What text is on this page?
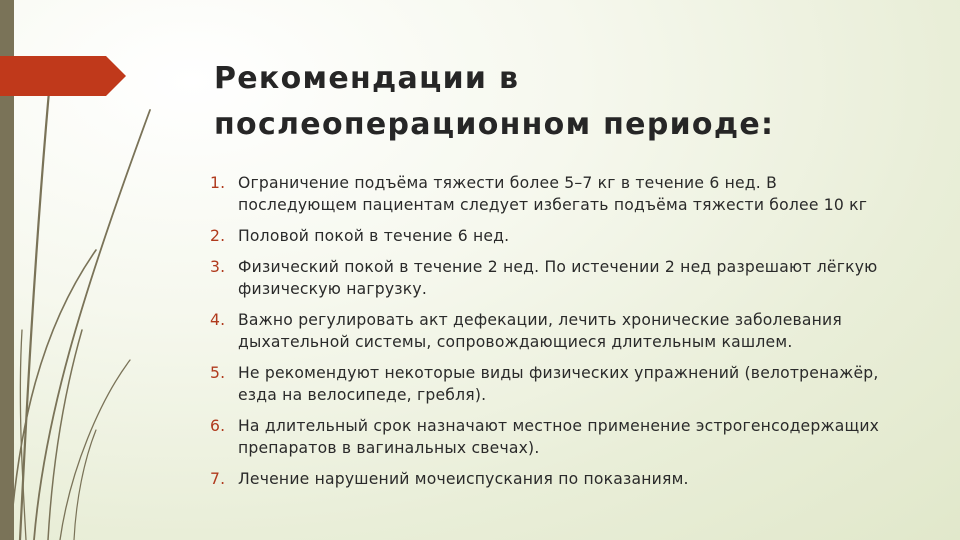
Рекомендации в
послеоперационном периоде:
1. Ограничение подъёма тяжести более 5–7 кг в течение 6 нед. В последующем пациентам следует избегать подъёма тяжести более 10 кг
2. Половой покой в течение 6 нед.
3. Физический покой в течение 2 нед. По истечении 2 нед разрешают лёгкую физическую нагрузку.
4. Важно регулировать акт дефекации, лечить хронические заболевания дыхательной системы, сопровождающиеся длительным кашлем.
5. Не рекомендуют некоторые виды физических упражнений (велотренажёр, езда на велосипеде, гребля).
6. На длительный срок назначают местное применение эстрогенсодержащих препаратов в вагинальных свечах).
7. Лечение нарушений мочеиспускания по показаниям.
